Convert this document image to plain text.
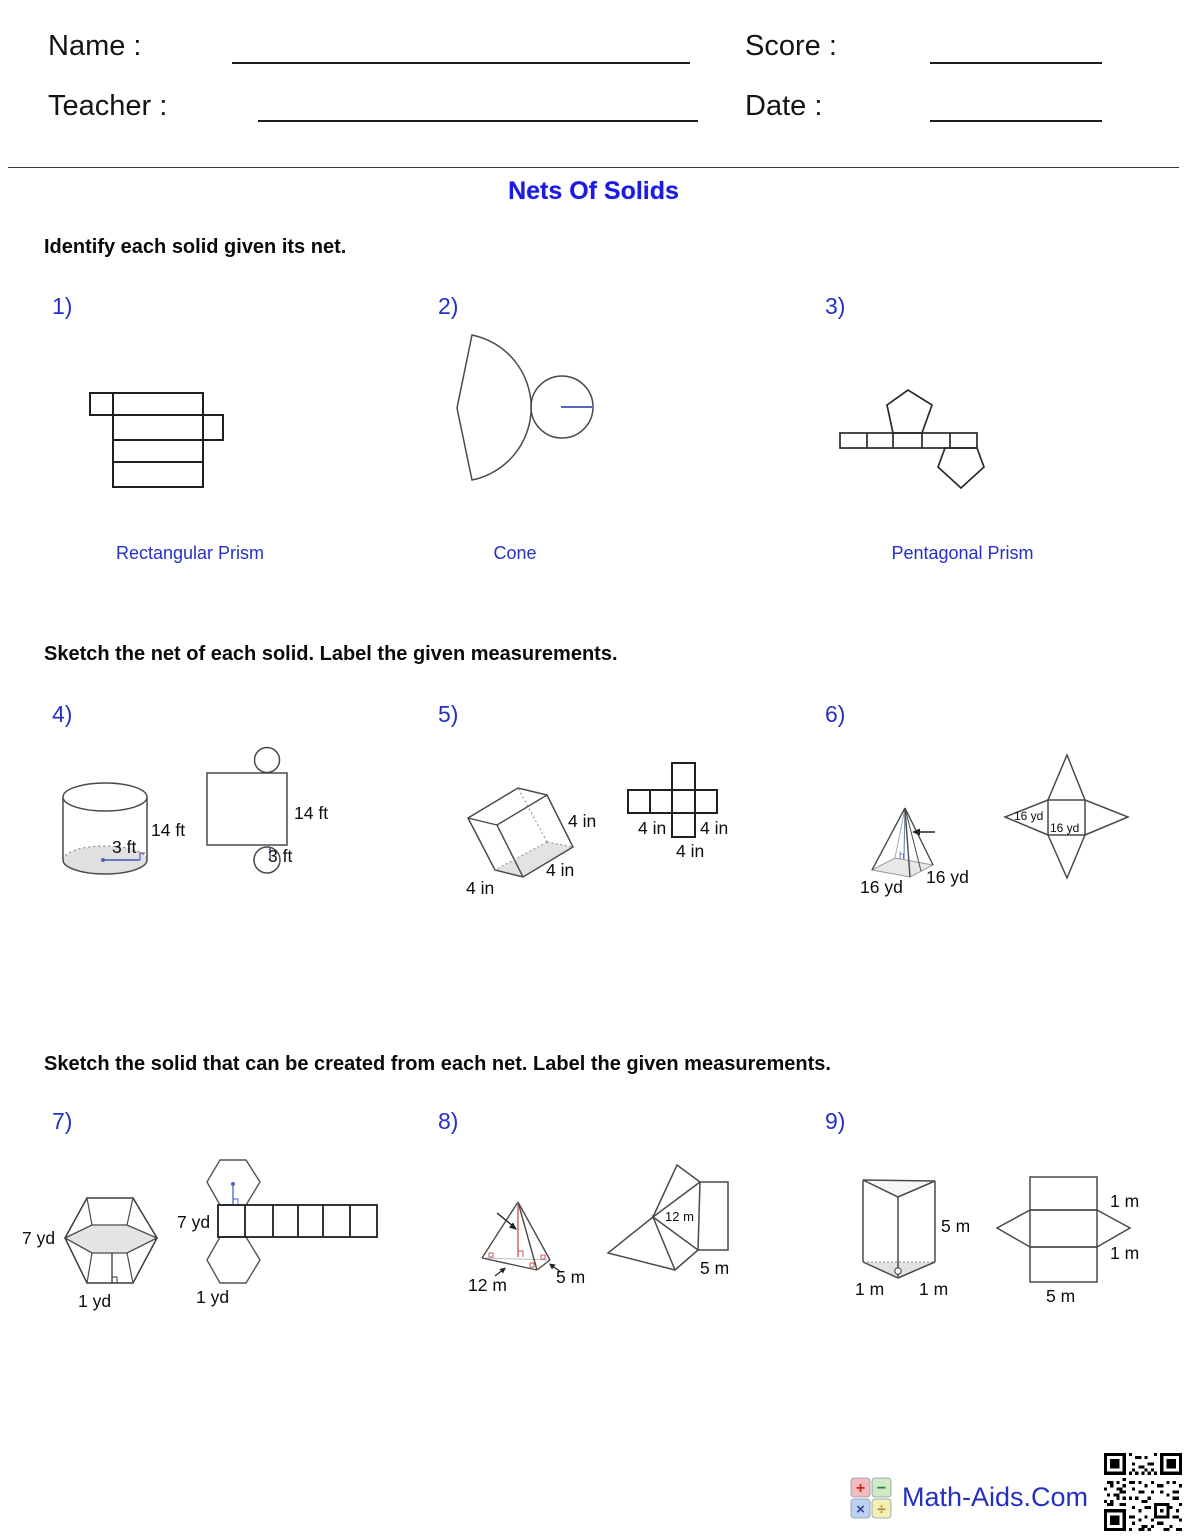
Name :	Score :
Teacher :	Date :
Nets Of Solids
Identify each solid given its net.
1)	2)	3)
Rectangular Prism	Cone	Pentagonal Prism
Sketch the net of each solid. Label the given measurements.
4)	5)	6)
14 ft
3 ft
14 ft
3 ft
4 in
4 in
4 in
4 in 4 in
4 in	h
16 yd 16 yd
16 yd
16 yd
Sketch the solid that can be created from each net. Label the given measurements.
7)	8)	9)
7 yd
1 yd
7 yd
1 yd
12 m	5 m
12 m
5 m
5 m
1 m 1 m
1 m
1 m
5 m
+ −
× ÷ Math-Aids.Com
